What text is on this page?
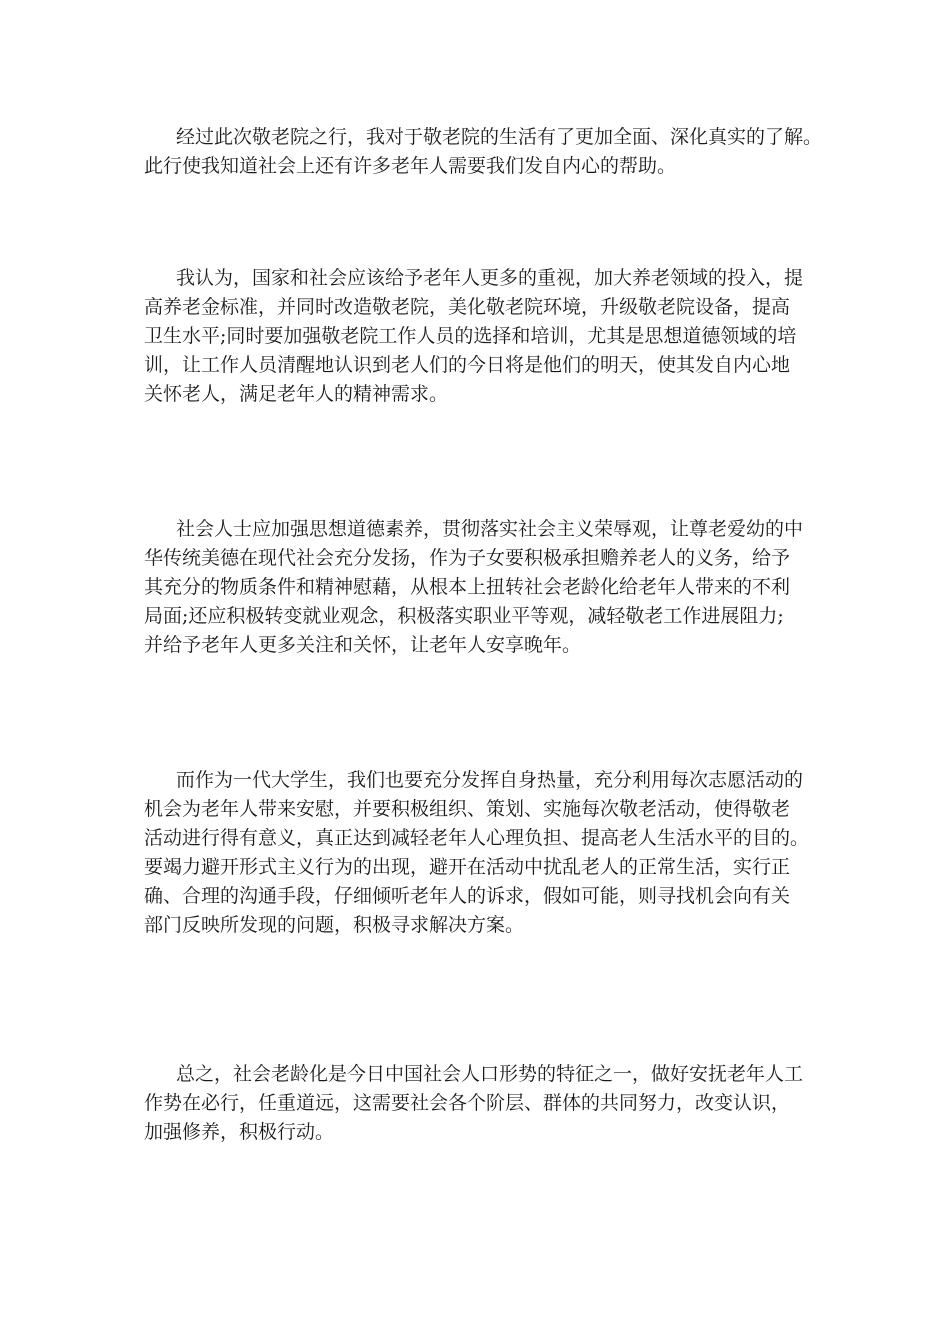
经过此次敬老院之行，我对于敬老院的生活有了更加全面、深化真实的了解。
此行使我知道社会上还有许多老年人需要我们发自内心的帮助。
我认为，国家和社会应该给予老年人更多的重视，加大养老领域的投入，提
高养老金标准，并同时改造敬老院，美化敬老院环境，升级敬老院设备，提高
卫生水平;同时要加强敬老院工作人员的选择和培训，尤其是思想道德领域的培
训，让工作人员清醒地认识到老人们的今日将是他们的明天，使其发自内心地
关怀老人，满足老年人的精神需求。
社会人士应加强思想道德素养，贯彻落实社会主义荣辱观，让尊老爱幼的中
华传统美德在现代社会充分发扬，作为子女要积极承担赡养老人的义务，给予
其充分的物质条件和精神慰藉，从根本上扭转社会老龄化给老年人带来的不利
局面;还应积极转变就业观念，积极落实职业平等观，减轻敬老工作进展阻力;
并给予老年人更多关注和关怀，让老年人安享晚年。
而作为一代大学生，我们也要充分发挥自身热量，充分利用每次志愿活动的
机会为老年人带来安慰，并要积极组织、策划、实施每次敬老活动，使得敬老
活动进行得有意义，真正达到减轻老年人心理负担、提高老人生活水平的目的。
要竭力避开形式主义行为的出现，避开在活动中扰乱老人的正常生活，实行正
确、合理的沟通手段，仔细倾听老年人的诉求，假如可能，则寻找机会向有关
部门反映所发现的问题，积极寻求解决方案。
总之，社会老龄化是今日中国社会人口形势的特征之一，做好安抚老年人工
作势在必行，任重道远，这需要社会各个阶层、群体的共同努力，改变认识，
加强修养，积极行动。
